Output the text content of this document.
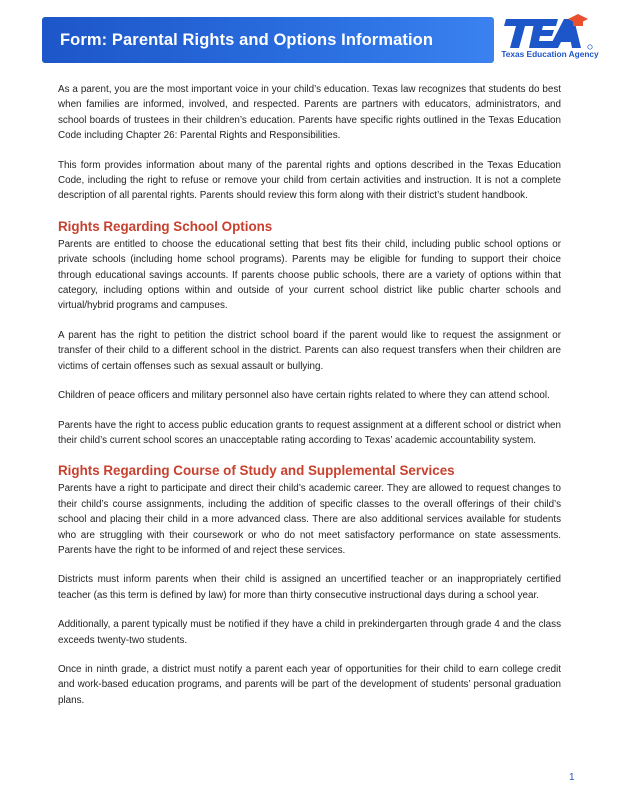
Form: Parental Rights and Options Information
Texas Education Agency

As a parent, you are the most important voice in your child’s education. Texas law recognizes that students do best when families are informed, involved, and respected. Parents are partners with educators, administrators, and school boards of trustees in their children’s education. Parents have specific rights outlined in the Texas Education Code including Chapter 26: Parental Rights and Responsibilities.

This form provides information about many of the parental rights and options described in the Texas Education Code, including the right to refuse or remove your child from certain activities and instruction. It is not a complete description of all parental rights. Parents should review this form along with their district’s student handbook.

Rights Regarding School Options

Parents are entitled to choose the educational setting that best fits their child, including public school options or private schools (including home school programs). Parents may be eligible for funding to support their choice through educational savings accounts. If parents choose public schools, there are a variety of options within that category, including options within and outside of your current school district like public charter schools and virtual/hybrid programs and campuses.

A parent has the right to petition the district school board if the parent would like to request the assignment or transfer of their child to a different school in the district. Parents can also request transfers when their children are victims of certain offenses such as sexual assault or bullying.

Children of peace officers and military personnel also have certain rights related to where they can attend school.

Parents have the right to access public education grants to request assignment at a different school or district when their child’s current school scores an unacceptable rating according to Texas’ academic accountability system.

Rights Regarding Course of Study and Supplemental Services

Parents have a right to participate and direct their child’s academic career. They are allowed to request changes to their child’s course assignments, including the addition of specific classes to the overall offerings of their child’s school and placing their child in a more advanced class. There are also additional services available for students who are struggling with their coursework or who do not meet satisfactory performance on state assessments. Parents have the right to be informed of and reject these services.

Districts must inform parents when their child is assigned an uncertified teacher or an inappropriately certified teacher (as this term is defined by law) for more than thirty consecutive instructional days during a school year.

Additionally, a parent typically must be notified if they have a child in prekindergarten through grade 4 and the class exceeds twenty-two students.

Once in ninth grade, a district must notify a parent each year of opportunities for their child to earn college credit and work-based education programs, and parents will be part of the development of students’ personal graduation plans.

1
